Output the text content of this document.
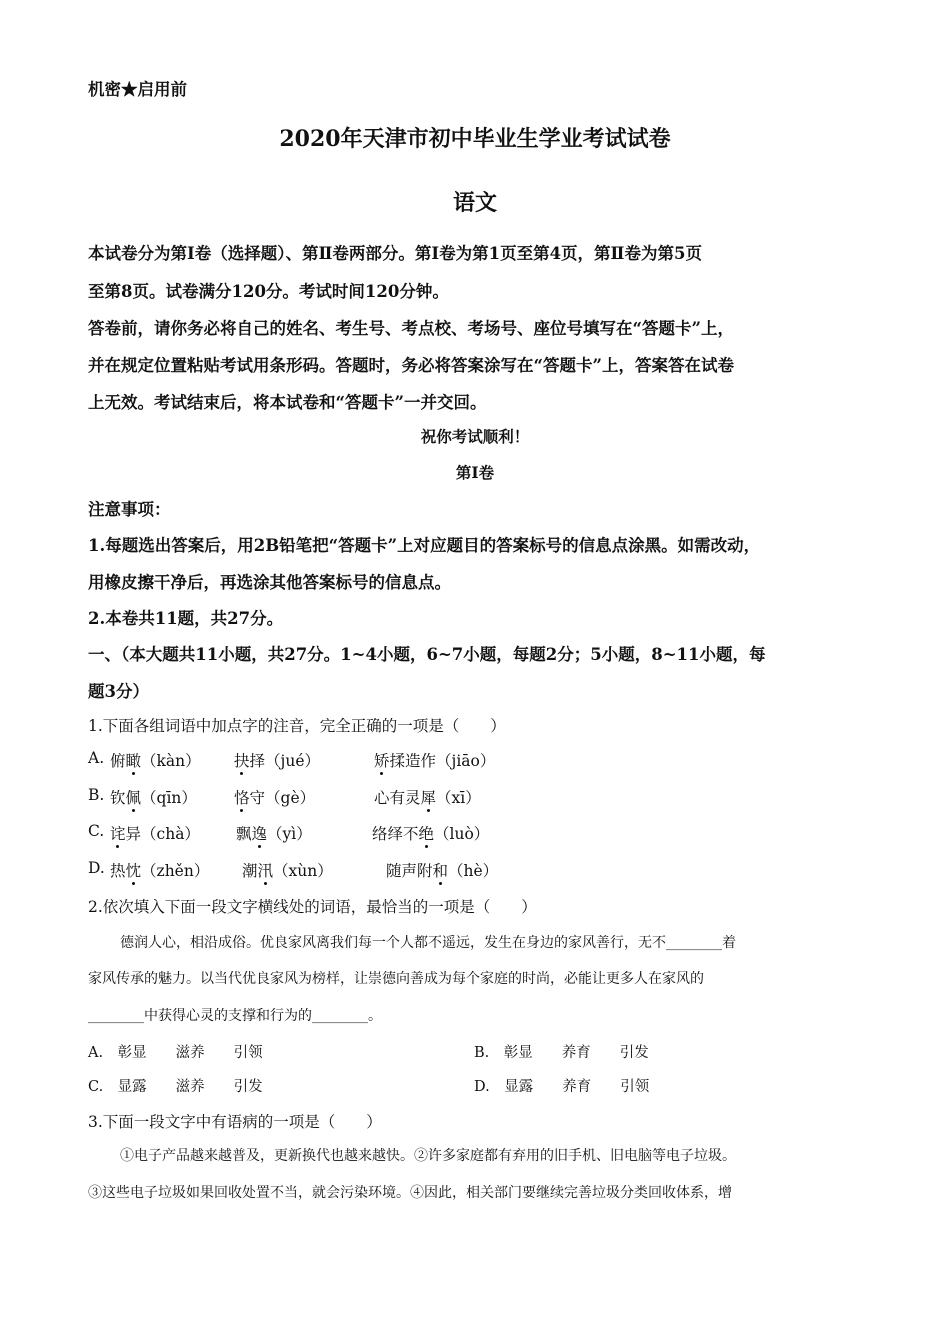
机密★启用前
2020年天津市初中毕业生学业考试试卷
语文
本试卷分为第Ⅰ卷（选择题）、第Ⅱ卷两部分。第Ⅰ卷为第1页至第4页，第Ⅱ卷为第5页
至第8页。试卷满分120分。考试时间120分钟。
答卷前，请你务必将自己的姓名、考生号、考点校、考场号、座位号填写在“答题卡”上，
并在规定位置粘贴考试用条形码。答题时，务必将答案涂写在“答题卡”上，答案答在试卷
上无效。考试结束后，将本试卷和“答题卡”一并交回。
祝你考试顺利！
第Ⅰ卷
注意事项：
1.每题选出答案后，用2B铅笔把“答题卡”上对应题目的答案标号的信息点涂黑。如需改动，
用橡皮擦干净后，再选涂其他答案标号的信息点。
2.本卷共11题，共27分。
一、（本大题共11小题，共27分。1~4小题，6~7小题，每题2分；5小题，8~11小题，每
题3分）
1.下面各组词语中加点字的注音，完全正确的一项是（　　）
A. 俯瞰（kàn） 抉择（jué）	矫揉造作（jiāo）
B. 钦佩（qīn） 恪守（gè）	心有灵犀（xī）
C. 诧异（chà） 飘逸（yì）	络绎不绝（luò）
D. 热忱（zhěn） 潮汛（xùn）	随声附和（hè）
2.依次填入下面一段文字横线处的词语，最恰当的一项是（　　）
德润人心，相沿成俗。优良家风离我们每一个人都不遥远，发生在身边的家风善行，无不________着
家风传承的魅力。以当代优良家风为榜样，让崇德向善成为每个家庭的时尚，必能让更多人在家风的
________中获得心灵的支撑和行为的________。
A.　彰显　　滋养　　引领	B.　彰显　　养育　　引发
C.　显露　　滋养　　引发	D.　显露　　养育　　引领
3.下面一段文字中有语病的一项是（　　）
①电子产品越来越普及，更新换代也越来越快。②许多家庭都有弃用的旧手机、旧电脑等电子垃圾。
③这些电子垃圾如果回收处置不当，就会污染环境。④因此，相关部门要继续完善垃圾分类回收体系，增
